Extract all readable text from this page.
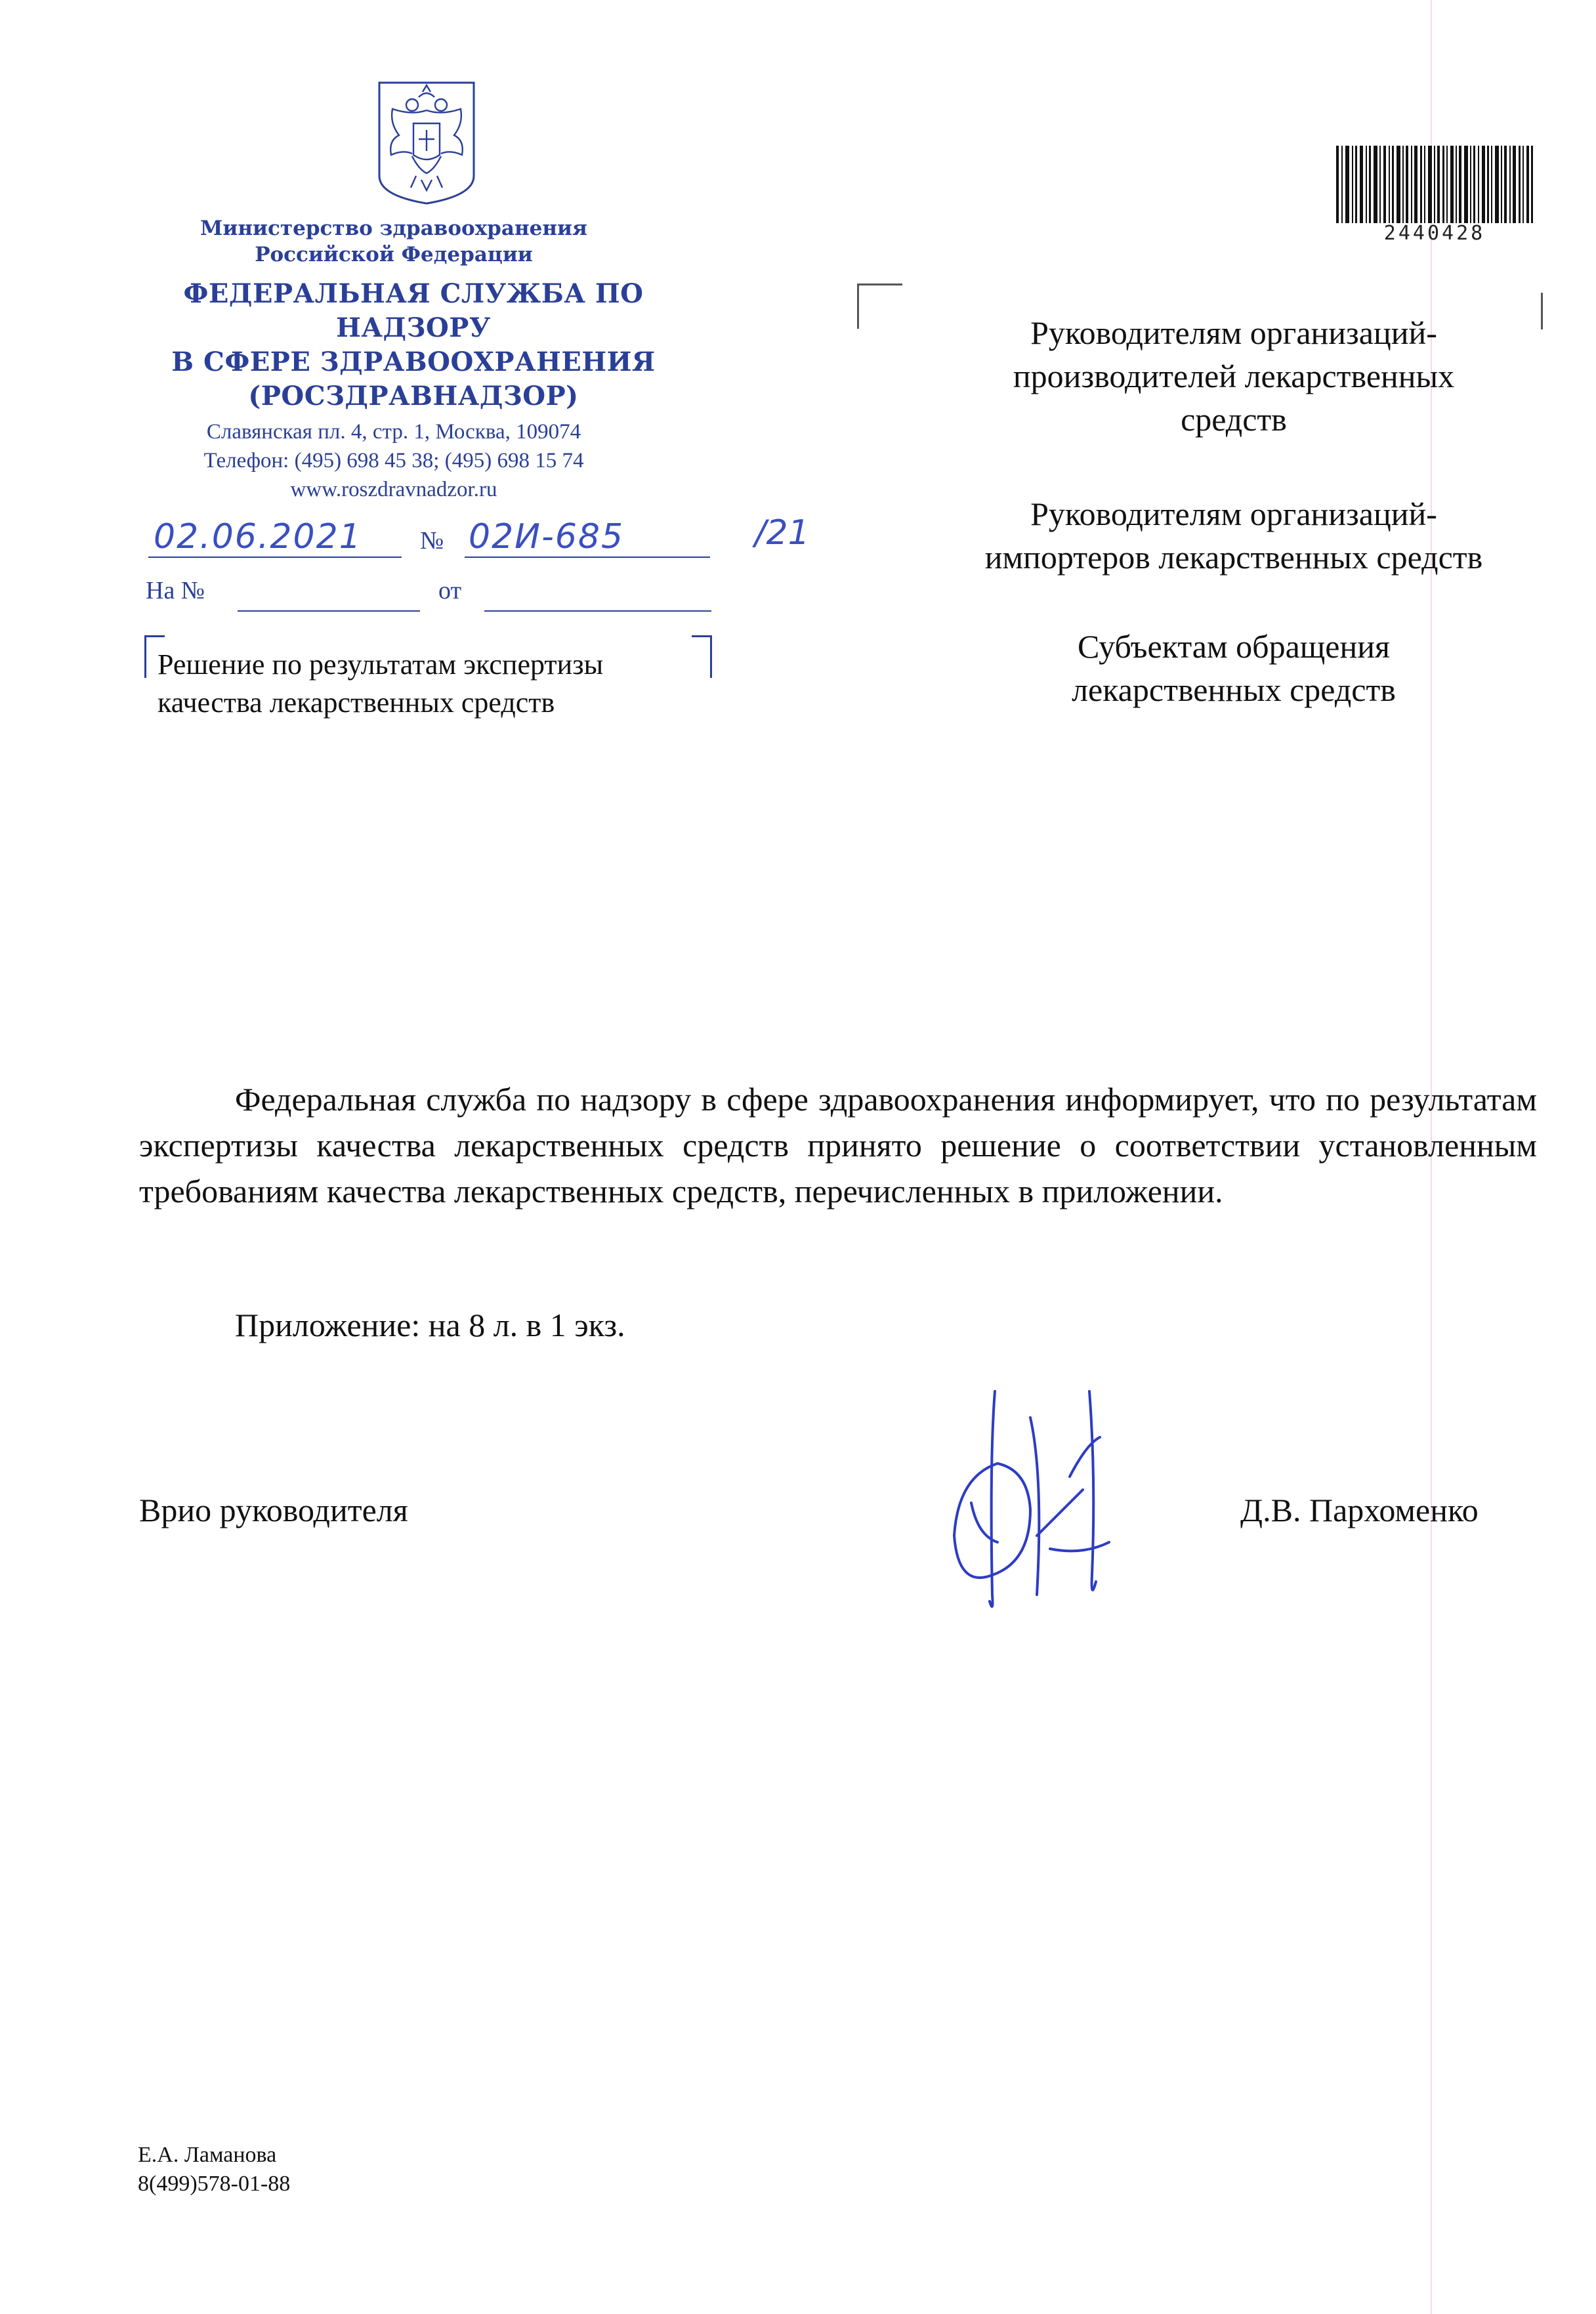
Министерство здравоохранения
Российской Федерации
ФЕДЕРАЛЬНАЯ СЛУЖБА ПО НАДЗОРУ
В СФЕРЕ ЗДРАВООХРАНЕНИЯ
(РОСЗДРАВНАДЗОР)
Славянская пл. 4, стр. 1, Москва, 109074
Телефон: (495) 698 45 38; (495) 698 15 74
www.roszdravnadzor.ru
02.06.2021 № 02И-685	/21
На №	от
Решение по результатам экспертизы
качества лекарственных средств
2440428
Руководителям организаций-
производителей лекарственных
средств
Руководителям организаций-
импортеров лекарственных средств
Субъектам обращения
лекарственных средств

Федеральная служба по надзору в сфере здравоохранения информирует, что по результатам экспертизы качества лекарственных средств принято решение о соответствии установленным требованиям качества лекарственных средств, перечисленных в приложении.

Приложение: на 8 л. в 1 экз.
Врио руководителя	Д.В. Пархоменко
Е.А. Ламанова
8(499)578-01-88
